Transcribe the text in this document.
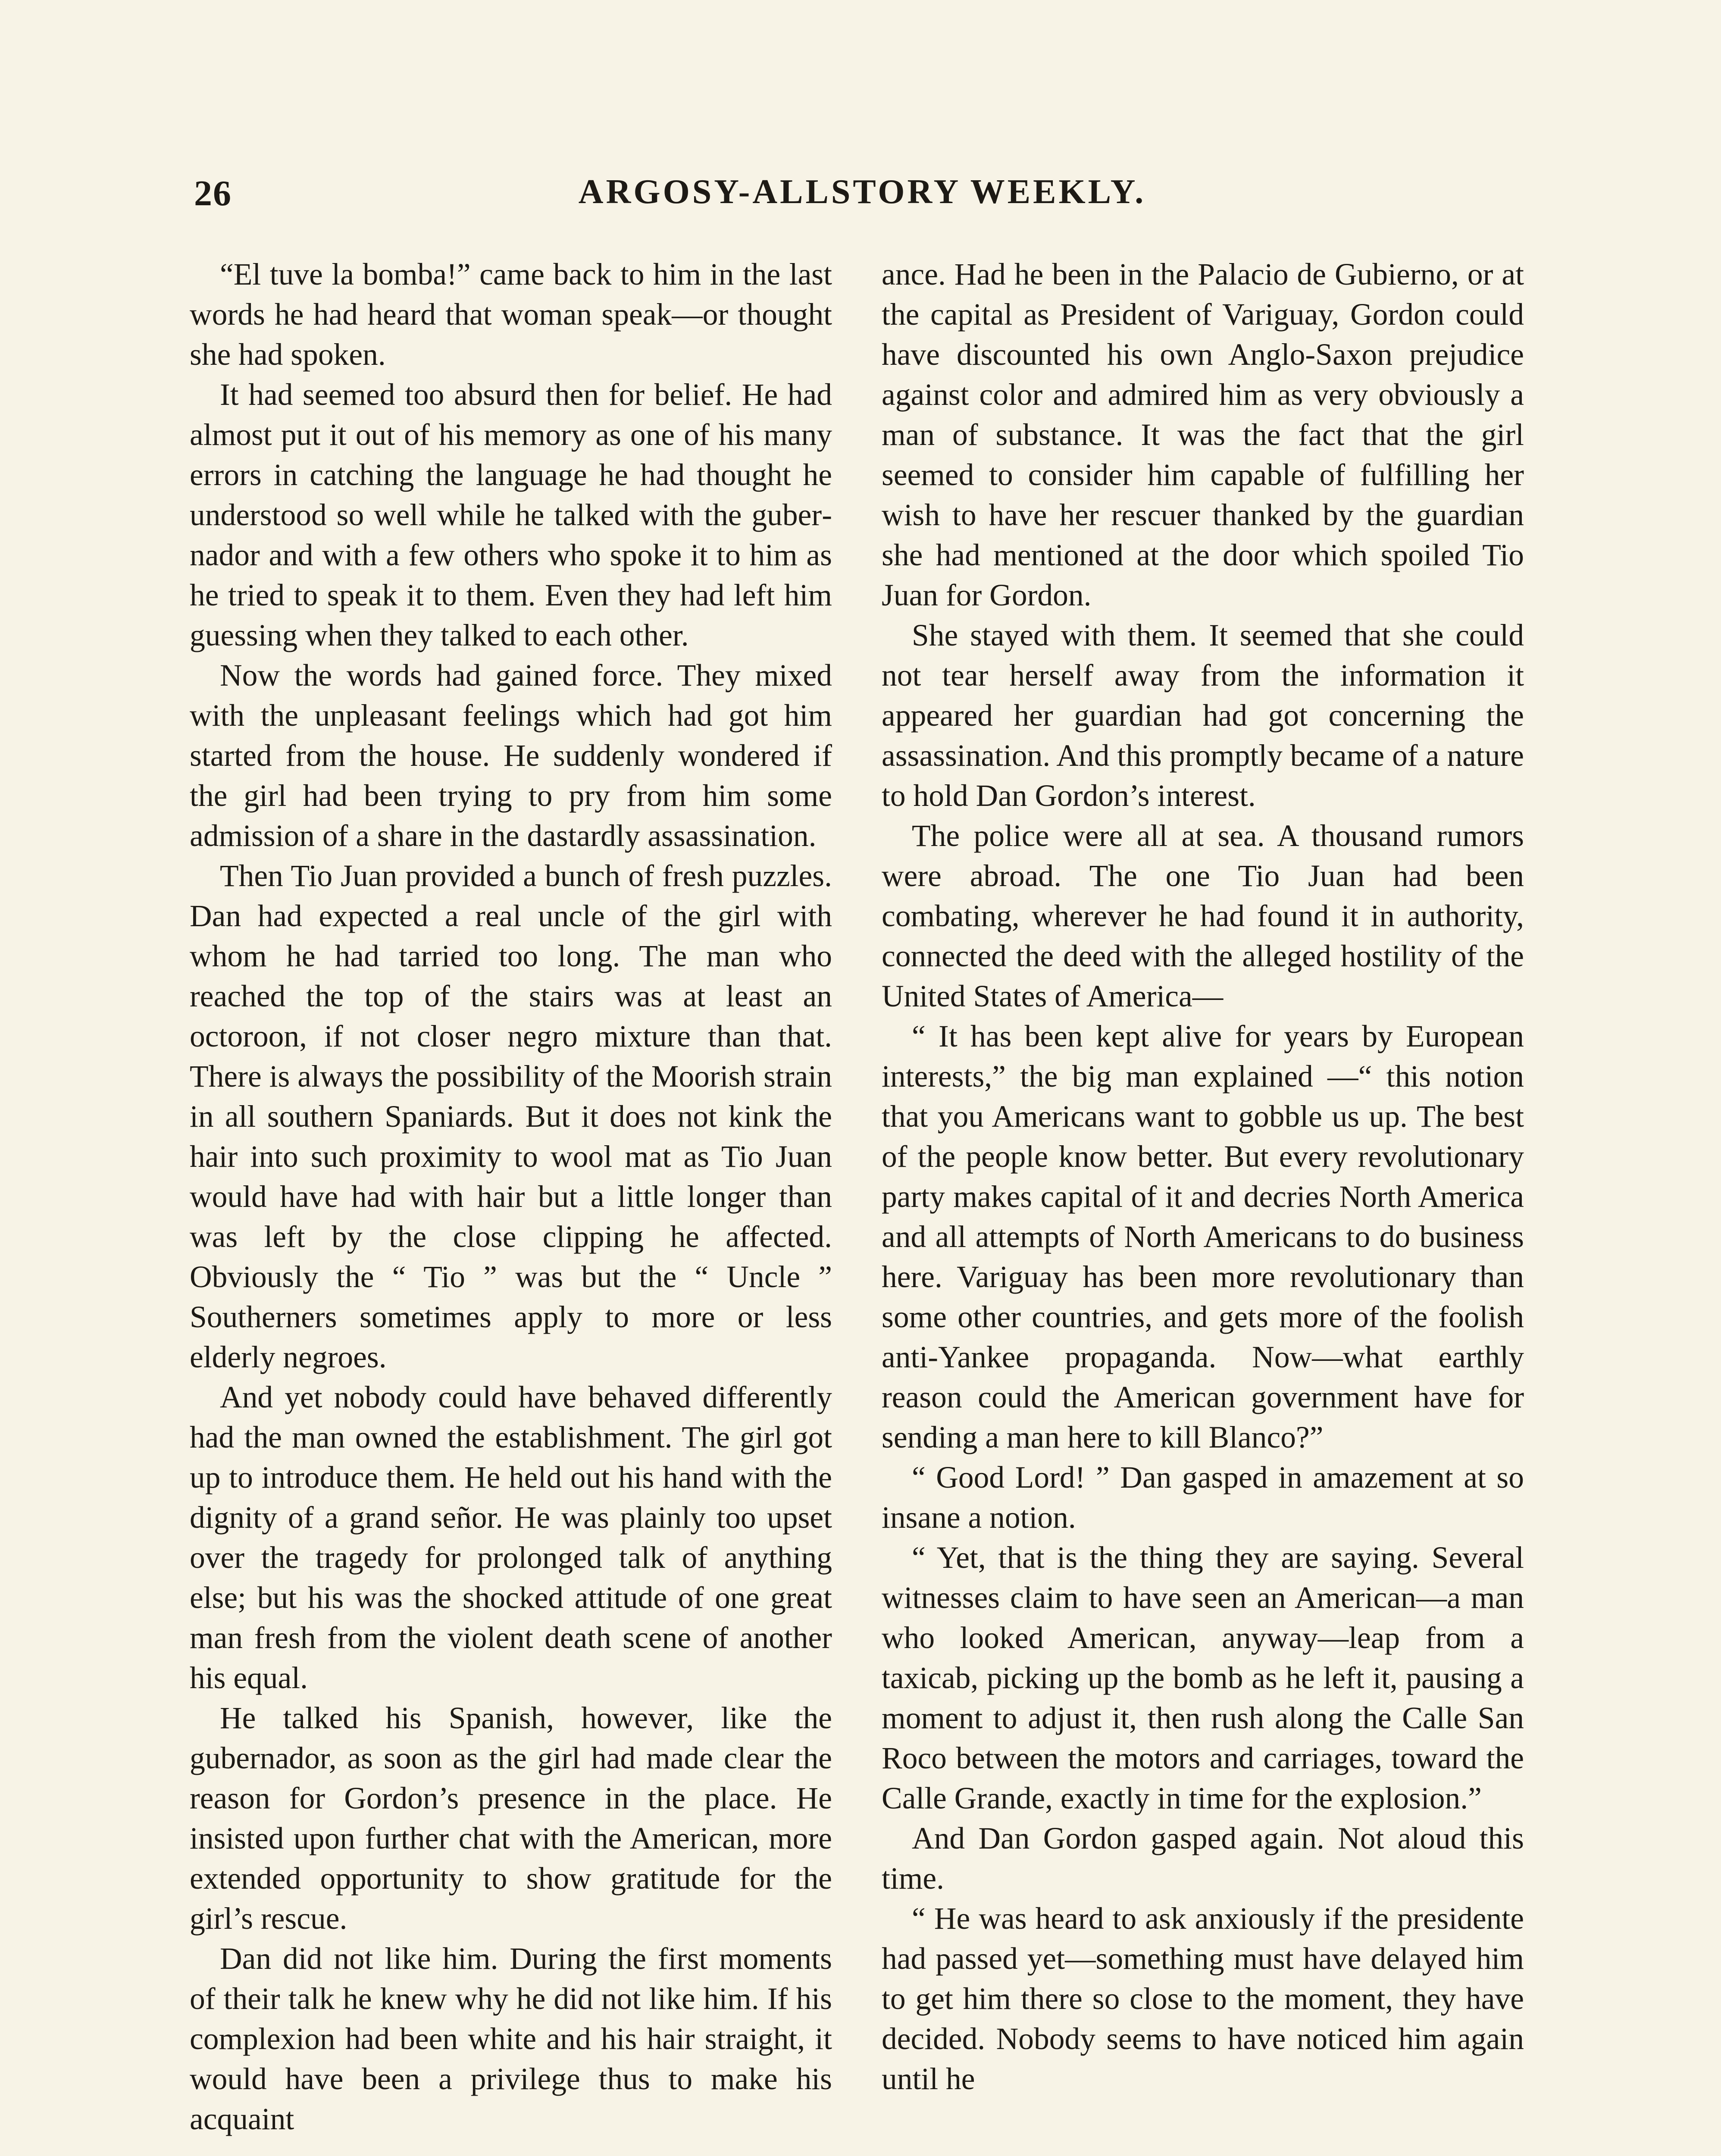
26	ARGOSY-ALLSTORY WEEKLY.

“El tuve la bomba!” came back to him in the last words he had heard that woman speak—or thought she had spoken.

It had seemed too absurd then for belief. He had almost put it out of his memory as one of his many errors in catching the language he had thought he understood so well while he talked with the gubernador and with a few others who spoke it to him as he tried to speak it to them. Even they had left him guessing when they talked to each other.

Now the words had gained force. They mixed with the unpleasant feelings which had got him started from the house. He suddenly wondered if the girl had been trying to pry from him some admission of a share in the dastardly assassination.

Then Tio Juan provided a bunch of fresh puzzles. Dan had expected a real uncle of the girl with whom he had tarried too long. The man who reached the top of the stairs was at least an octoroon, if not closer negro mixture than that. There is always the possibility of the Moorish strain in all southern Spaniards. But it does not kink the hair into such proximity to wool mat as Tio Juan would have had with hair but a little longer than was left by the close clipping he affected. Obviously the “ Tio ” was but the “ Uncle ” Southerners sometimes apply to more or less elderly negroes.

And yet nobody could have behaved differently had the man owned the establishment. The girl got up to introduce them. He held out his hand with the dignity of a grand señor. He was plainly too upset over the tragedy for prolonged talk of anything else; but his was the shocked attitude of one great man fresh from the violent death scene of another his equal.

He talked his Spanish, however, like the gubernador, as soon as the girl had made clear the reason for Gordon’s presence in the place. He insisted upon further chat with the American, more extended opportunity to show gratitude for the girl’s rescue.

Dan did not like him. During the first moments of their talk he knew why he did not like him. If his complexion had been white and his hair straight, it would have been a privilege thus to make his acquaint

ance. Had he been in the Palacio de Gubierno, or at the capital as President of Variguay, Gordon could have discounted his own Anglo-Saxon prejudice against color and admired him as very obviously a man of substance. It was the fact that the girl seemed to consider him capable of fulfilling her wish to have her rescuer thanked by the guardian she had mentioned at the door which spoiled Tio Juan for Gordon.

She stayed with them. It seemed that she could not tear herself away from the information it appeared her guardian had got concerning the assassination. And this promptly became of a nature to hold Dan Gordon’s interest.

The police were all at sea. A thousand rumors were abroad. The one Tio Juan had been combating, wherever he had found it in authority, connected the deed with the alleged hostility of the United States of America—

“ It has been kept alive for years by European interests,” the big man explained —“ this notion that you Americans want to gobble us up. The best of the people know better. But every revolutionary party makes capital of it and decries North America and all attempts of North Americans to do business here. Variguay has been more revolutionary than some other countries, and gets more of the foolish anti-Yankee propaganda. Now—what earthly reason could the American government have for sending a man here to kill Blanco?”

“ Good Lord! ” Dan gasped in amazement at so insane a notion.

“ Yet, that is the thing they are saying. Several witnesses claim to have seen an American—a man who looked American, anyway—leap from a taxicab, picking up the bomb as he left it, pausing a moment to adjust it, then rush along the Calle San Roco between the motors and carriages, toward the Calle Grande, exactly in time for the explosion.”

And Dan Gordon gasped again. Not aloud this time.

“ He was heard to ask anxiously if the presidente had passed yet—something must have delayed him to get him there so close to the moment, they have decided. Nobody seems to have noticed him again until he
